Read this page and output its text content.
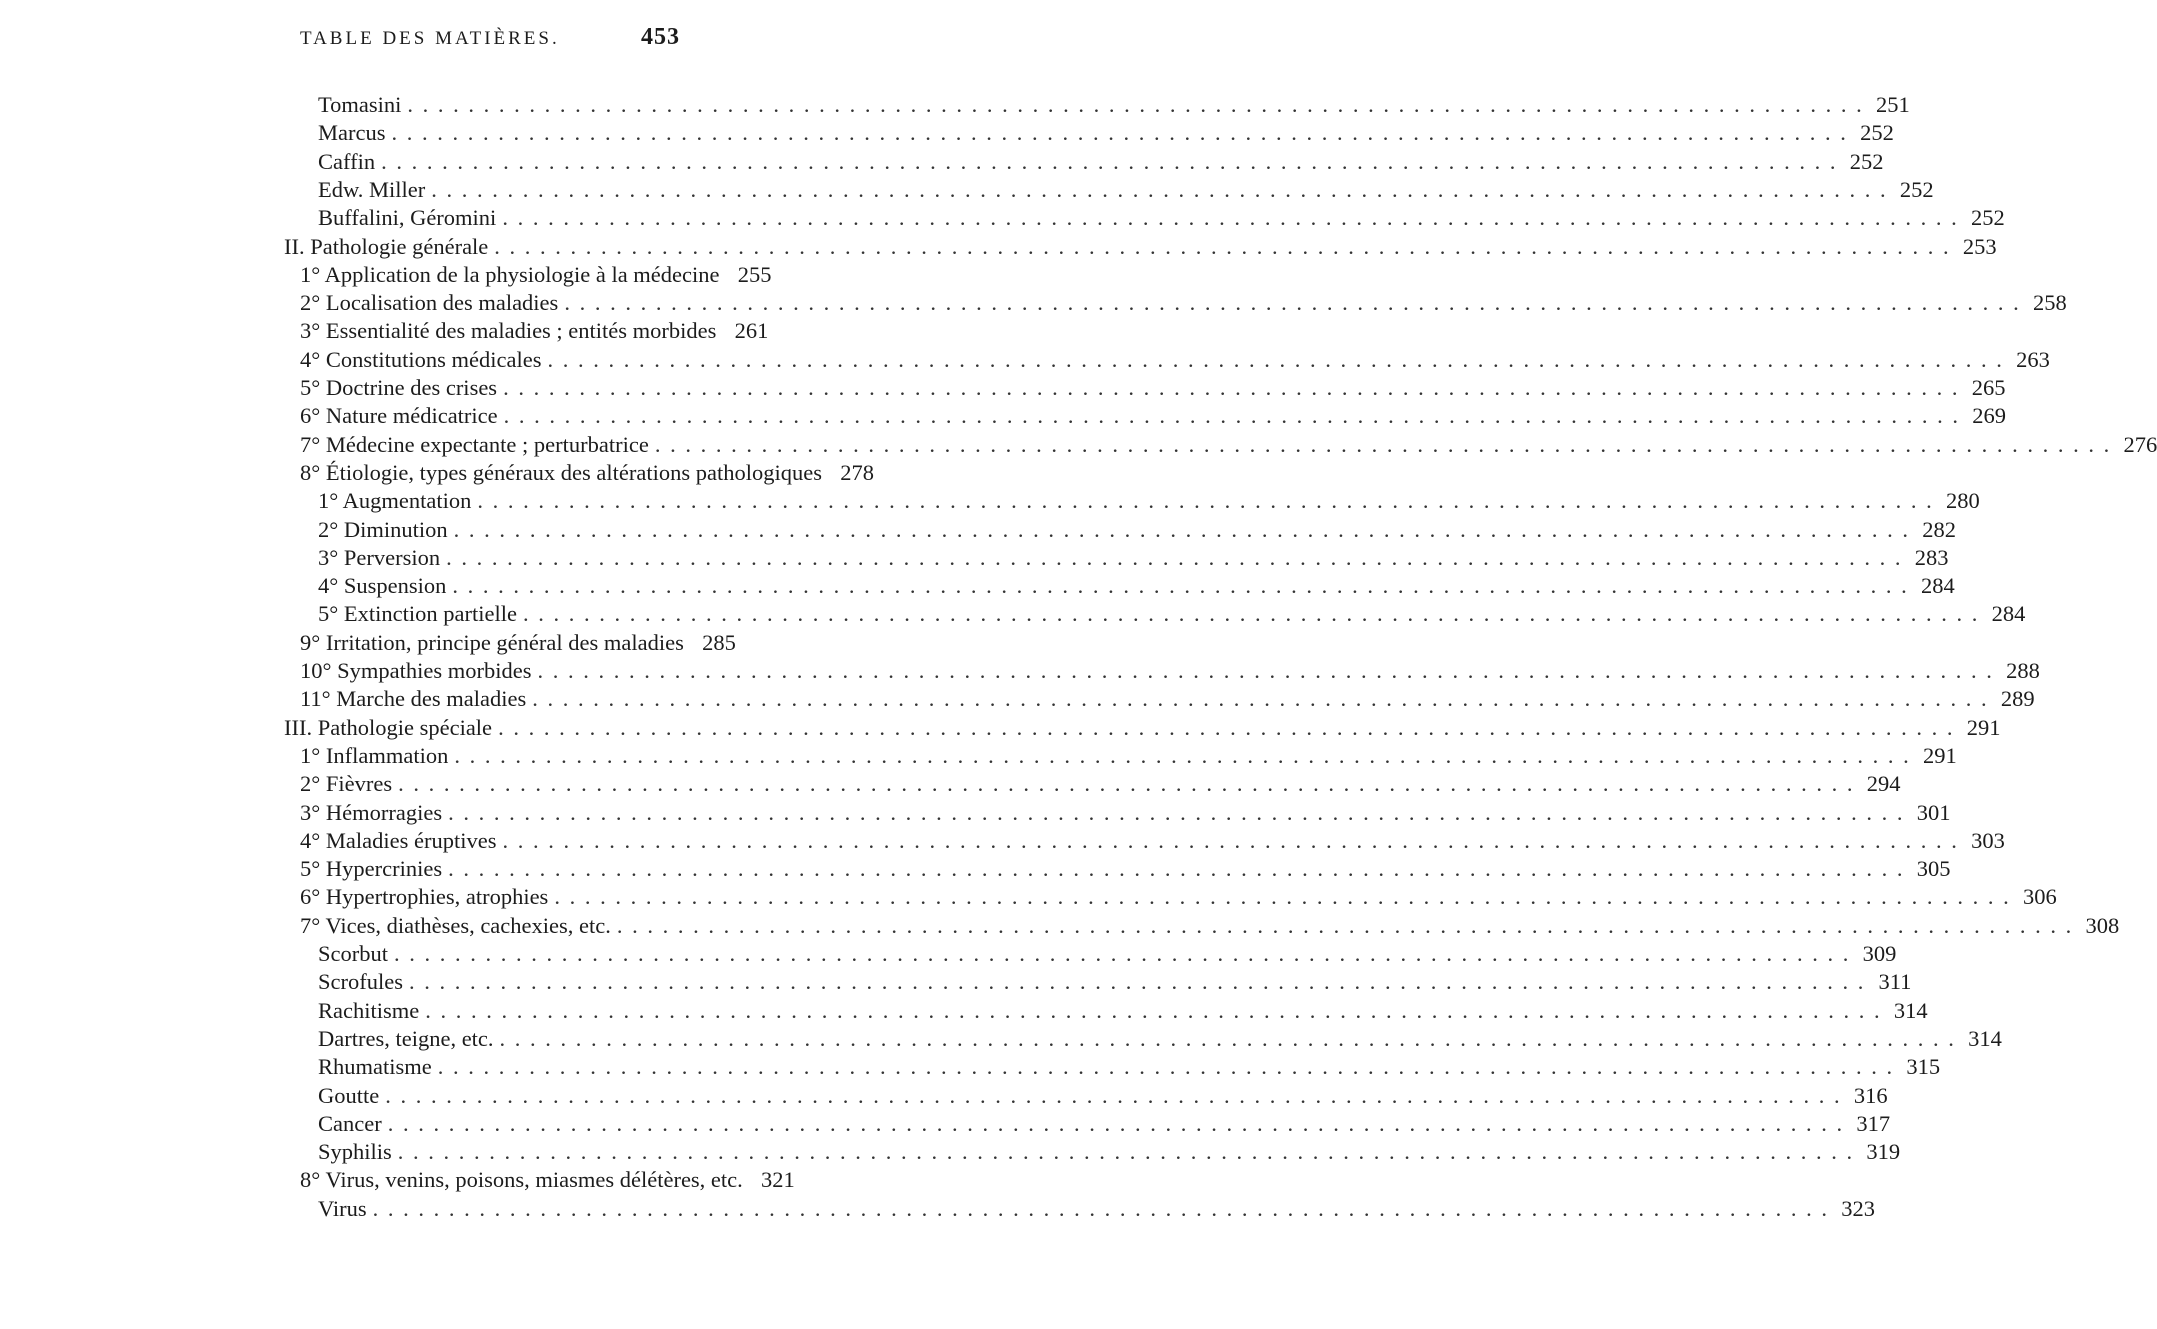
TABLE DES MATIÈRES.	453
Tomasini . . .	251
Marcus . . .	252
Caffin . . .	252
Edw. Miller . . .	252
Buffalini, Géromini . . .	252
II. Pathologie générale . . .	253
1° Application de la physiologie à la médecine 255
2° Localisation des maladies . . .	258
3° Essentialité des maladies ; entités morbides 261
4° Constitutions médicales . . .	263
5° Doctrine des crises . . .	265
6° Nature médicatrice . . .	269
7° Médecine expectante ; perturbatrice . . .	276
8° Étiologie, types généraux des altérations pathologiques 278
1° Augmentation . . .	280
2° Diminution . . .	282
3° Perversion . . .	283
4° Suspension . . .	284
5° Extinction partielle . . .	284
9° Irritation, principe général des maladies 285
10° Sympathies morbides . . .	288
11° Marche des maladies . . .	289
III. Pathologie spéciale . . .	291
1° Inflammation . . .	291
2° Fièvres . . .	294
3° Hémorragies . . .	301
4° Maladies éruptives . . .	303
5° Hypercrinies . . .	305
6° Hypertrophies, atrophies . . .	306
7° Vices, diathèses, cachexies, etc. . . .	308
Scorbut . . .	309
Scrofules . . .	311
Rachitisme . . .	314
Dartres, teigne, etc. . . .	314
Rhumatisme . . .	315
Goutte . . .	316
Cancer . . .	317
Syphilis . . .	319
8° Virus, venins, poisons, miasmes délétères, etc. 321
Virus . . .	323
